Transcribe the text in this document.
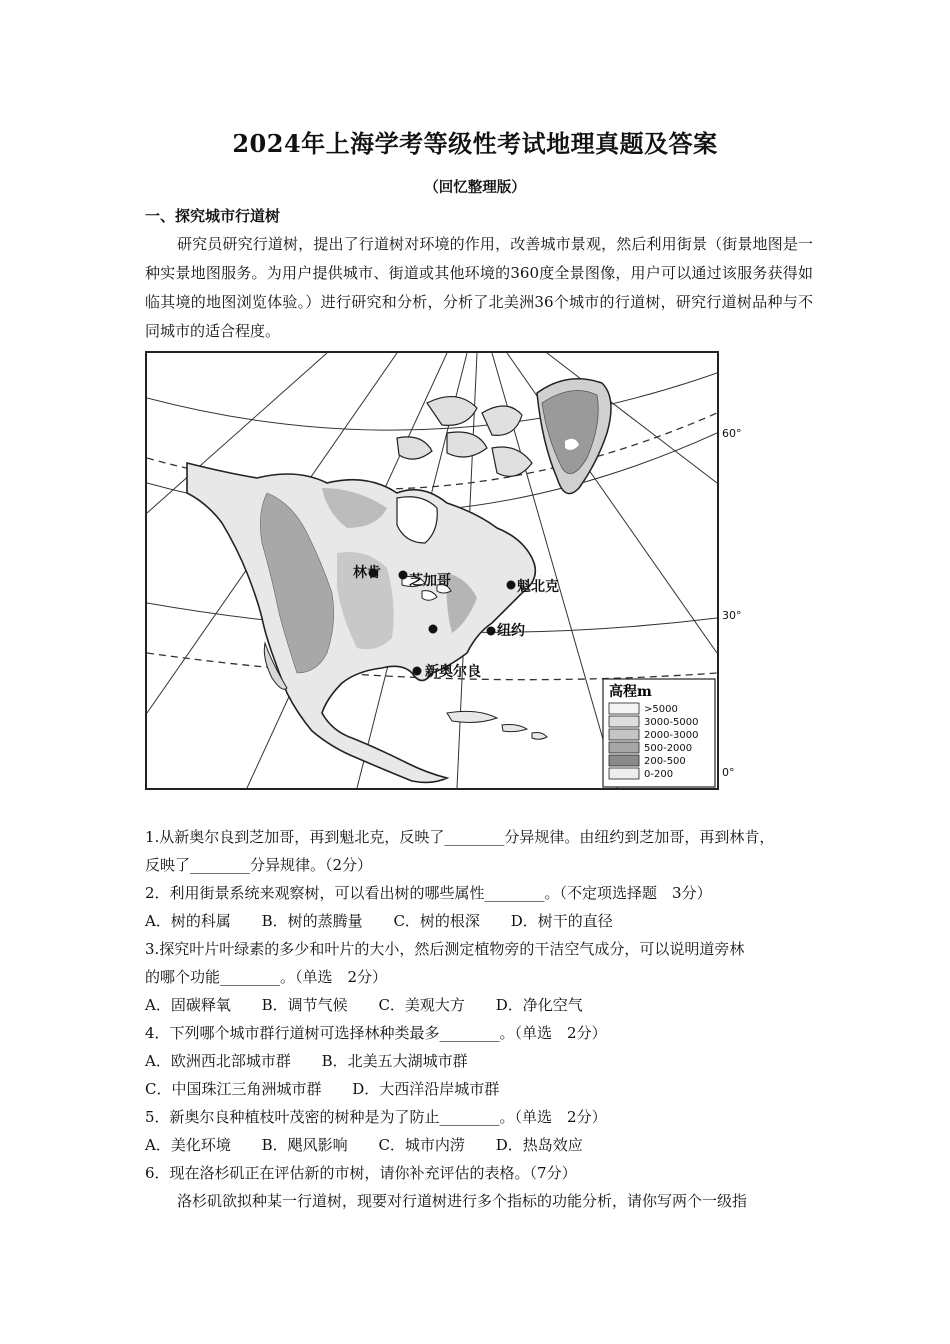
2024年上海学考等级性考试地理真题及答案
（回忆整理版）
一、探究城市行道树

研究员研究行道树，提出了行道树对环境的作用，改善城市景观，然后利用街景（街景地图是一种实景地图服务。为用户提供城市、街道或其他环境的360度全景图像，用户可以通过该服务获得如临其境的地图浏览体验。）进行研究和分析，分析了北美洲36个城市的行道树，研究行道树品种与不同城市的适合程度。

林肯 芝加哥	魁北克
纽约
新奥尔良
高程m
>5000
3000-5000
2000-3000
500-2000
200-500
0-200
60°
30°
0°

1.从新奥尔良到芝加哥，再到魁北克，反映了________分异规律。由纽约到芝加哥，再到林肯，

反映了________分异规律。（2分）

2．利用街景系统来观察树，可以看出树的哪些属性________。（不定项选择题　3分）

A．树的科属 B．树的蒸腾量 C．树的根深 D．树干的直径

3.探究叶片叶绿素的多少和叶片的大小，然后测定植物旁的干洁空气成分，可以说明道旁林

的哪个功能________。（单选　2分）

A．固碳释氧 B．调节气候 C．美观大方 D．净化空气

4．下列哪个城市群行道树可选择林种类最多________。（单选　2分）

A．欧洲西北部城市群 B．北美五大湖城市群

C．中国珠江三角洲城市群 D．大西洋沿岸城市群

5．新奥尔良种植枝叶茂密的树种是为了防止________。（单选　2分）

A．美化环境 B．飓风影响 C．城市内涝 D．热岛效应

6．现在洛杉矶正在评估新的市树，请你补充评估的表格。（7分）

洛杉矶欲拟种某一行道树，现要对行道树进行多个指标的功能分析，请你写两个一级指
